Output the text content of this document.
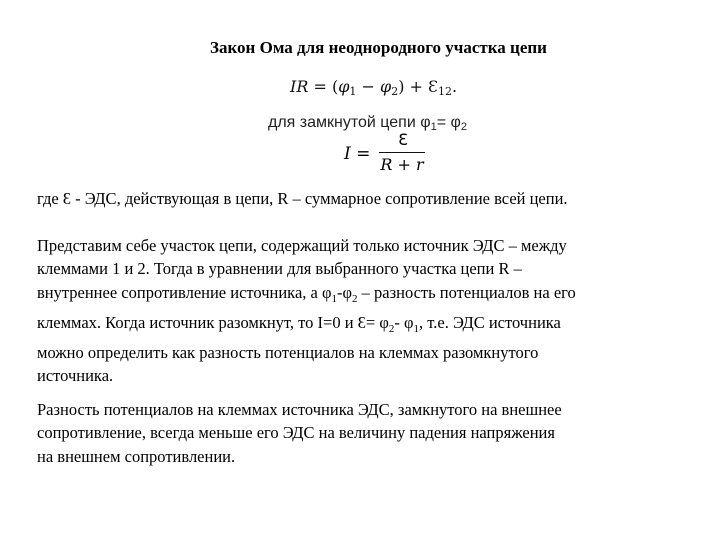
Закон Ома для неоднородного участка цепи
IR = $(\varphi_1 - \varphi_2)$ + $Ɛ_{12}$.
для замкнутой цепи $\varphi_1= \varphi_2$
I =
Ɛ
R + r
где Ɛ - ЭДС, действующая в цепи, R – суммарное сопротивление всей цепи.
Представим себе участок цепи, содержащий только источник ЭДС – между
клеммами 1 и 2. Тогда в уравнении для выбранного участка цепи R –
внутреннее сопротивление источника, а $\varphi_1-\varphi_2$ – разность потенциалов на его
клеммах. Когда источник разомкнут, то I=0 и Ɛ= $\varphi_2-$ $\varphi_1$, т.е. ЭДС источника
можно определить как разность потенциалов на клеммах разомкнутого
источника.
Разность потенциалов на клеммах источника ЭДС, замкнутого на внешнее
сопротивление, всегда меньше его ЭДС на величину падения напряжения
на внешнем сопротивлении.
